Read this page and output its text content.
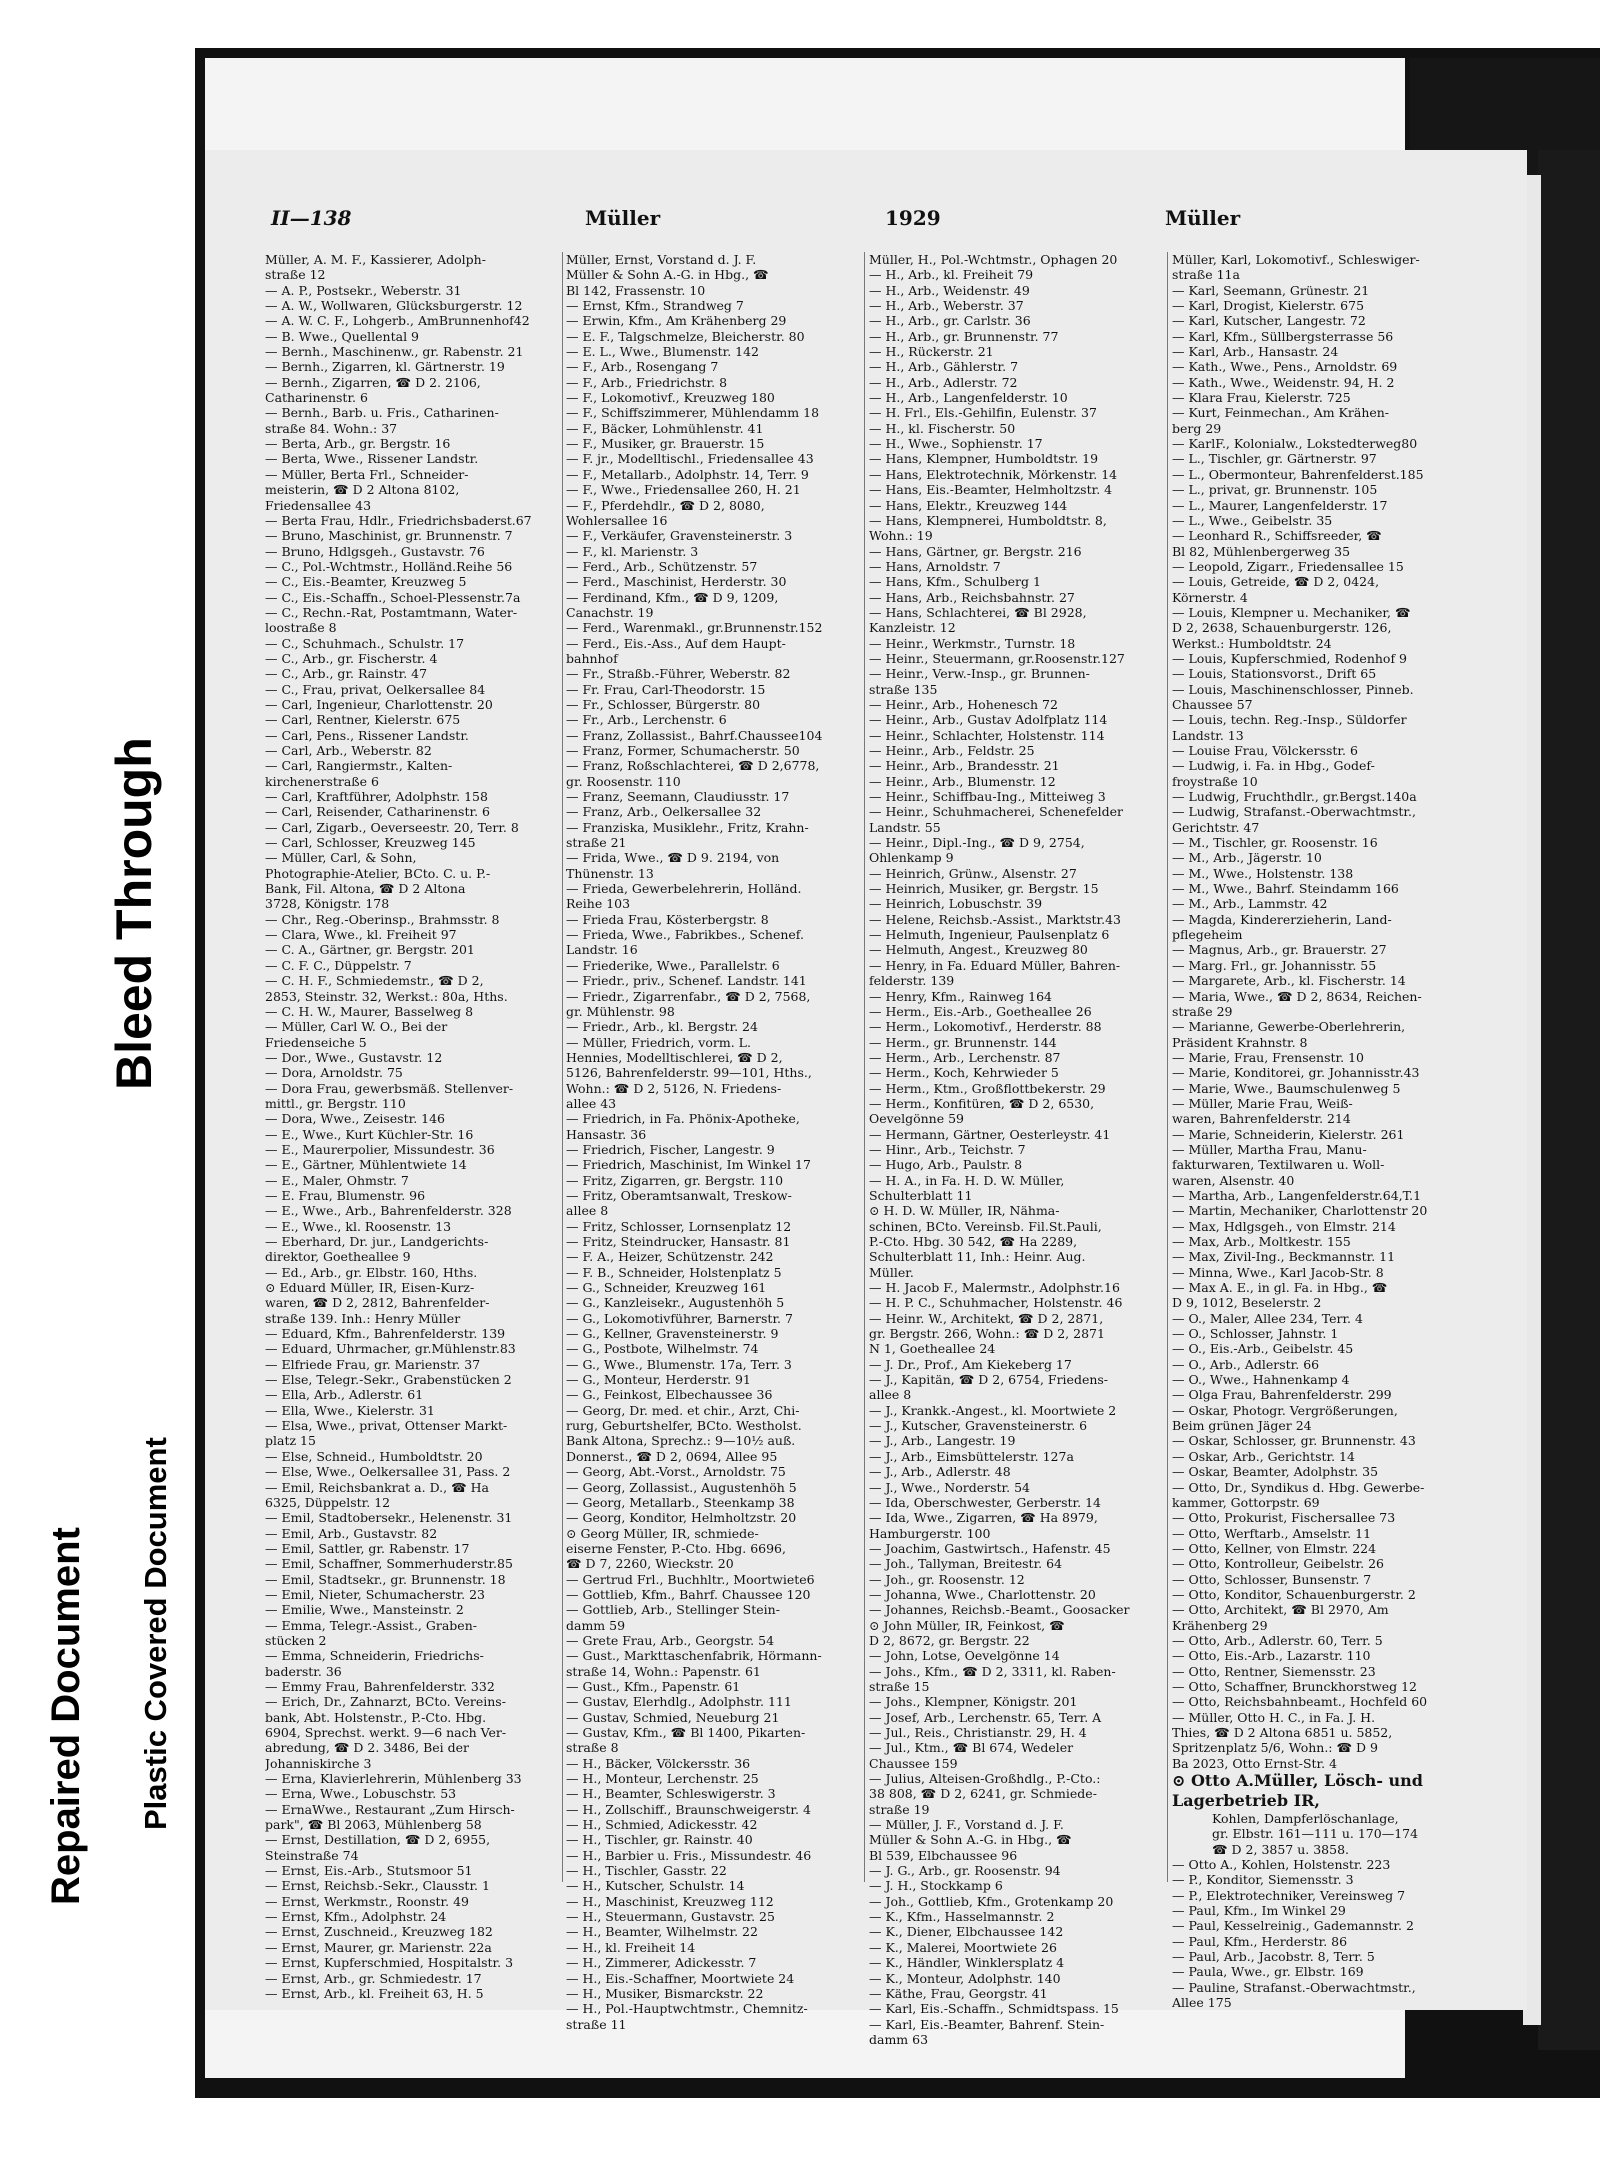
Repaired Document Plastic Covered Document
Bleed Through
II—138	Müller	1929	Müller
Müller, A. M. F., Kassierer, Adolph-
straße 12
— A. P., Postsekr., Weberstr. 31
— A. W., Wollwaren, Glücksburgerstr. 12
— A. W. C. F., Lohgerb., AmBrunnenhof42
— B. Wwe., Quellental 9
— Bernh., Maschinenw., gr. Rabenstr. 21
— Bernh., Zigarren, kl. Gärtnerstr. 19
— Bernh., Zigarren, ☎ D 2. 2106,
Catharinenstr. 6
— Bernh., Barb. u. Fris., Catharinen-
straße 84. Wohn.: 37
— Berta, Arb., gr. Bergstr. 16
— Berta, Wwe., Rissener Landstr.
— Müller, Berta Frl., Schneider-
meisterin, ☎ D 2 Altona 8102,
Friedensallee 43
— Berta Frau, Hdlr., Friedrichsbaderst.67
— Bruno, Maschinist, gr. Brunnenstr. 7
— Bruno, Hdlgsgeh., Gustavstr. 76
— C., Pol.-Wchtmstr., Holländ.Reihe 56
— C., Eis.-Beamter, Kreuzweg 5
— C., Eis.-Schaffn., Schoel-Plessenstr.7a
— C., Rechn.-Rat, Postamtmann, Water-
loostraße 8
— C., Schuhmach., Schulstr. 17
— C., Arb., gr. Fischerstr. 4
— C., Arb., gr. Rainstr. 47
— C., Frau, privat, Oelkersallee 84
— Carl, Ingenieur, Charlottenstr. 20
— Carl, Rentner, Kielerstr. 675
— Carl, Pens., Rissener Landstr.
— Carl, Arb., Weberstr. 82
— Carl, Rangiermstr., Kalten-
kirchenerstraße 6
— Carl, Kraftführer, Adolphstr. 158
— Carl, Reisender, Catharinenstr. 6
— Carl, Zigarb., Oeverseestr. 20, Terr. 8
— Carl, Schlosser, Kreuzweg 145
— Müller, Carl, & Sohn,
Photographie-Atelier, BCto. C. u. P.-
Bank, Fil. Altona, ☎ D 2 Altona
3728, Königstr. 178
— Chr., Reg.-Oberinsp., Brahmsstr. 8
— Clara, Wwe., kl. Freiheit 97
— C. A., Gärtner, gr. Bergstr. 201
— C. F. C., Düppelstr. 7
— C. H. F., Schmiedemstr., ☎ D 2,
2853, Steinstr. 32, Werkst.: 80a, Hths.
— C. H. W., Maurer, Basselweg 8
— Müller, Carl W. O., Bei der
Friedenseiche 5
— Dor., Wwe., Gustavstr. 12
— Dora, Arnoldstr. 75
— Dora Frau, gewerbsmäß. Stellenver-
mittl., gr. Bergstr. 110
— Dora, Wwe., Zeisestr. 146
— E., Wwe., Kurt Küchler-Str. 16
— E., Maurerpolier, Missundestr. 36
— E., Gärtner, Mühlentwiete 14
— E., Maler, Ohmstr. 7
— E. Frau, Blumenstr. 96
— E., Wwe., Arb., Bahrenfelderstr. 328
— E., Wwe., kl. Roosenstr. 13
— Eberhard, Dr. jur., Landgerichts-
direktor, Goetheallee 9
— Ed., Arb., gr. Elbstr. 160, Hths.
⊙ Eduard Müller, IR, Eisen-Kurz-
waren, ☎ D 2, 2812, Bahrenfelder-
straße 139. Inh.: Henry Müller
— Eduard, Kfm., Bahrenfelderstr. 139
— Eduard, Uhrmacher, gr.Mühlenstr.83
— Elfriede Frau, gr. Marienstr. 37
— Else, Telegr.-Sekr., Grabenstücken 2
— Ella, Arb., Adlerstr. 61
— Ella, Wwe., Kielerstr. 31
— Elsa, Wwe., privat, Ottenser Markt-
platz 15
— Else, Schneid., Humboldtstr. 20
— Else, Wwe., Oelkersallee 31, Pass. 2
— Emil, Reichsbankrat a. D., ☎ Ha
6325, Düppelstr. 12
— Emil, Stadtobersekr., Helenenstr. 31
— Emil, Arb., Gustavstr. 82
— Emil, Sattler, gr. Rabenstr. 17
— Emil, Schaffner, Sommerhuderstr.85
— Emil, Stadtsekr., gr. Brunnenstr. 18
— Emil, Nieter, Schumacherstr. 23
— Emilie, Wwe., Mansteinstr. 2
— Emma, Telegr.-Assist., Graben-
stücken 2
— Emma, Schneiderin, Friedrichs-
baderstr. 36
— Emmy Frau, Bahrenfelderstr. 332
— Erich, Dr., Zahnarzt, BCto. Vereins-
bank, Abt. Holstenstr., P.-Cto. Hbg.
6904, Sprechst. werkt. 9—6 nach Ver-
abredung, ☎ D 2. 3486, Bei der
Johanniskirche 3
— Erna, Klavierlehrerin, Mühlenberg 33
— Erna, Wwe., Lobuschstr. 53
— ErnaWwe., Restaurant „Zum Hirsch-
park", ☎ Bl 2063, Mühlenberg 58
— Ernst, Destillation, ☎ D 2, 6955,
Steinstraße 74
— Ernst, Eis.-Arb., Stutsmoor 51
— Ernst, Reichsb.-Sekr., Clausstr. 1
— Ernst, Werkmstr., Roonstr. 49
— Ernst, Kfm., Adolphstr. 24
— Ernst, Zuschneid., Kreuzweg 182
— Ernst, Maurer, gr. Marienstr. 22a
— Ernst, Kupferschmied, Hospitalstr. 3
— Ernst, Arb., gr. Schmiedestr. 17
— Ernst, Arb., kl. Freiheit 63, H. 5
Müller, Ernst, Vorstand d. J. F.
Müller & Sohn A.-G. in Hbg., ☎
Bl 142, Frassenstr. 10
— Ernst, Kfm., Strandweg 7
— Erwin, Kfm., Am Krähenberg 29
— E. F., Talgschmelze, Bleicherstr. 80
— E. L., Wwe., Blumenstr. 142
— F., Arb., Rosengang 7
— F., Arb., Friedrichstr. 8
— F., Lokomotivf., Kreuzweg 180
— F., Schiffszimmerer, Mühlendamm 18
— F., Bäcker, Lohmühlenstr. 41
— F., Musiker, gr. Brauerstr. 15
— F. jr., Modelltischl., Friedensallee 43
— F., Metallarb., Adolphstr. 14, Terr. 9
— F., Wwe., Friedensallee 260, H. 21
— F., Pferdehdlr., ☎ D 2, 8080,
Wohlersallee 16
— F., Verkäufer, Gravensteinerstr. 3
— F., kl. Marienstr. 3
— Ferd., Arb., Schützenstr. 57
— Ferd., Maschinist, Herderstr. 30
— Ferdinand, Kfm., ☎ D 9, 1209,
Canachstr. 19
— Ferd., Warenmakl., gr.Brunnenstr.152
— Ferd., Eis.-Ass., Auf dem Haupt-
bahnhof
— Fr., Straßb.-Führer, Weberstr. 82
— Fr. Frau, Carl-Theodorstr. 15
— Fr., Schlosser, Bürgerstr. 80
— Fr., Arb., Lerchenstr. 6
— Franz, Zollassist., Bahrf.Chaussee104
— Franz, Former, Schumacherstr. 50
— Franz, Roßschlachterei, ☎ D 2,6778,
gr. Roosenstr. 110
— Franz, Seemann, Claudiusstr. 17
— Franz, Arb., Oelkersallee 32
— Franziska, Musiklehr., Fritz, Krahn-
straße 21
— Frida, Wwe., ☎ D 9. 2194, von
Thünenstr. 13
— Frieda, Gewerbelehrerin, Holländ.
Reihe 103
— Frieda Frau, Kösterbergstr. 8
— Frieda, Wwe., Fabrikbes., Schenef.
Landstr. 16
— Friederike, Wwe., Parallelstr. 6
— Friedr., priv., Schenef. Landstr. 141
— Friedr., Zigarrenfabr., ☎ D 2, 7568,
gr. Mühlenstr. 98
— Friedr., Arb., kl. Bergstr. 24
— Müller, Friedrich, vorm. L.
Hennies, Modelltischlerei, ☎ D 2,
5126, Bahrenfelderstr. 99—101, Hths.,
Wohn.: ☎ D 2, 5126, N. Friedens-
allee 43
— Friedrich, in Fa. Phönix-Apotheke,
Hansastr. 36
— Friedrich, Fischer, Langestr. 9
— Friedrich, Maschinist, Im Winkel 17
— Fritz, Zigarren, gr. Bergstr. 110
— Fritz, Oberamtsanwalt, Treskow-
allee 8
— Fritz, Schlosser, Lornsenplatz 12
— Fritz, Steindrucker, Hansastr. 81
— F. A., Heizer, Schützenstr. 242
— F. B., Schneider, Holstenplatz 5
— G., Schneider, Kreuzweg 161
— G., Kanzleisekr., Augustenhöh 5
— G., Lokomotivführer, Barnerstr. 7
— G., Kellner, Gravensteinerstr. 9
— G., Postbote, Wilhelmstr. 74
— G., Wwe., Blumenstr. 17a, Terr. 3
— G., Monteur, Herderstr. 91
— G., Feinkost, Elbechaussee 36
— Georg, Dr. med. et chir., Arzt, Chi-
rurg, Geburtshelfer, BCto. Westholst.
Bank Altona, Sprechz.: 9—10½ auß.
Donnerst., ☎ D 2, 0694, Allee 95
— Georg, Abt.-Vorst., Arnoldstr. 75
— Georg, Zollassist., Augustenhöh 5
— Georg, Metallarb., Steenkamp 38
— Georg, Konditor, Helmholtzstr. 20
⊙ Georg Müller, IR, schmiede-
eiserne Fenster, P.-Cto. Hbg. 6696,
☎ D 7, 2260, Wieckstr. 20
— Gertrud Frl., Buchhltr., Moortwiete6
— Gottlieb, Kfm., Bahrf. Chaussee 120
— Gottlieb, Arb., Stellinger Stein-
damm 59
— Grete Frau, Arb., Georgstr. 54
— Gust., Markttaschenfabrik, Hörmann-
straße 14, Wohn.: Papenstr. 61
— Gust., Kfm., Papenstr. 61
— Gustav, Elerhdlg., Adolphstr. 111
— Gustav, Schmied, Neueburg 21
— Gustav, Kfm., ☎ Bl 1400, Pikarten-
straße 8
— H., Bäcker, Völckersstr. 36
— H., Monteur, Lerchenstr. 25
— H., Beamter, Schleswigerstr. 3
— H., Zollschiff., Braunschweigerstr. 4
— H., Schmied, Adickesstr. 42
— H., Tischler, gr. Rainstr. 40
— H., Barbier u. Fris., Missundestr. 46
— H., Tischler, Gasstr. 22
— H., Kutscher, Schulstr. 14
— H., Maschinist, Kreuzweg 112
— H., Steuermann, Gustavstr. 25
— H., Beamter, Wilhelmstr. 22
— H., kl. Freiheit 14
— H., Zimmerer, Adickesstr. 7
— H., Eis.-Schaffner, Moortwiete 24
— H., Musiker, Bismarckstr. 22
— H., Pol.-Hauptwchtmstr., Chemnitz-
straße 11
Müller, H., Pol.-Wchtmstr., Ophagen 20
— H., Arb., kl. Freiheit 79
— H., Arb., Weidenstr. 49
— H., Arb., Weberstr. 37
— H., Arb., gr. Carlstr. 36
— H., Arb., gr. Brunnenstr. 77
— H., Rückerstr. 21
— H., Arb., Gählerstr. 7
— H., Arb., Adlerstr. 72
— H., Arb., Langenfelderstr. 10
— H. Frl., Els.-Gehilfin, Eulenstr. 37
— H., kl. Fischerstr. 50
— H., Wwe., Sophienstr. 17
— Hans, Klempner, Humboldtstr. 19
— Hans, Elektrotechnik, Mörkenstr. 14
— Hans, Eis.-Beamter, Helmholtzstr. 4
— Hans, Elektr., Kreuzweg 144
— Hans, Klempnerei, Humboldtstr. 8,
Wohn.: 19
— Hans, Gärtner, gr. Bergstr. 216
— Hans, Arnoldstr. 7
— Hans, Kfm., Schulberg 1
— Hans, Arb., Reichsbahnstr. 27
— Hans, Schlachterei, ☎ Bl 2928,
Kanzleistr. 12
— Heinr., Werkmstr., Turnstr. 18
— Heinr., Steuermann, gr.Roosenstr.127
— Heinr., Verw.-Insp., gr. Brunnen-
straße 135
— Heinr., Arb., Hohenesch 72
— Heinr., Arb., Gustav Adolfplatz 114
— Heinr., Schlachter, Holstenstr. 114
— Heinr., Arb., Feldstr. 25
— Heinr., Arb., Brandesstr. 21
— Heinr., Arb., Blumenstr. 12
— Heinr., Schiffbau-Ing., Mitteiweg 3
— Heinr., Schuhmacherei, Schenefelder
Landstr. 55
— Heinr., Dipl.-Ing., ☎ D 9, 2754,
Ohlenkamp 9
— Heinrich, Grünw., Alsenstr. 27
— Heinrich, Musiker, gr. Bergstr. 15
— Heinrich, Lobuschstr. 39
— Helene, Reichsb.-Assist., Marktstr.43
— Helmuth, Ingenieur, Paulsenplatz 6
— Helmuth, Angest., Kreuzweg 80
— Henry, in Fa. Eduard Müller, Bahren-
felderstr. 139
— Henry, Kfm., Rainweg 164
— Herm., Eis.-Arb., Goetheallee 26
— Herm., Lokomotivf., Herderstr. 88
— Herm., gr. Brunnenstr. 144
— Herm., Arb., Lerchenstr. 87
— Herm., Koch, Kehrwieder 5
— Herm., Ktm., Großflottbekerstr. 29
— Herm., Konfitüren, ☎ D 2, 6530,
Oevelgönne 59
— Hermann, Gärtner, Oesterleystr. 41
— Hinr., Arb., Teichstr. 7
— Hugo, Arb., Paulstr. 8
— H. A., in Fa. H. D. W. Müller,
Schulterblatt 11
⊙ H. D. W. Müller, IR, Nähma-
schinen, BCto. Vereinsb. Fil.St.Pauli,
P.-Cto. Hbg. 30 542, ☎ Ha 2289,
Schulterblatt 11, Inh.: Heinr. Aug.
Müller.
— H. Jacob F., Malermstr., Adolphstr.16
— H. P. C., Schuhmacher, Holstenstr. 46
— Heinr. W., Architekt, ☎ D 2, 2871,
gr. Bergstr. 266, Wohn.: ☎ D 2, 2871
N 1, Goetheallee 24
— J. Dr., Prof., Am Kiekeberg 17
— J., Kapitän, ☎ D 2, 6754, Friedens-
allee 8
— J., Krankk.-Angest., kl. Moortwiete 2
— J., Kutscher, Gravensteinerstr. 6
— J., Arb., Langestr. 19
— J., Arb., Eimsbüttelerstr. 127a
— J., Arb., Adlerstr. 48
— J., Wwe., Norderstr. 54
— Ida, Oberschwester, Gerberstr. 14
— Ida, Wwe., Zigarren, ☎ Ha 8979,
Hamburgerstr. 100
— Joachim, Gastwirtsch., Hafenstr. 45
— Joh., Tallyman, Breitestr. 64
— Joh., gr. Roosenstr. 12
— Johanna, Wwe., Charlottenstr. 20
— Johannes, Reichsb.-Beamt., Goosacker
⊙ John Müller, IR, Feinkost, ☎
D 2, 8672, gr. Bergstr. 22
— John, Lotse, Oevelgönne 14
— Johs., Kfm., ☎ D 2, 3311, kl. Raben-
straße 15
— Johs., Klempner, Königstr. 201
— Josef, Arb., Lerchenstr. 65, Terr. A
— Jul., Reis., Christianstr. 29, H. 4
— Jul., Ktm., ☎ Bl 674, Wedeler
Chaussee 159
— Julius, Alteisen-Großhdlg., P.-Cto.:
38 808, ☎ D 2, 6241, gr. Schmiede-
straße 19
— Müller, J. F., Vorstand d. J. F.
Müller & Sohn A.-G. in Hbg., ☎
Bl 539, Elbchaussee 96
— J. G., Arb., gr. Roosenstr. 94
— J. H., Stockkamp 6
— Joh., Gottlieb, Kfm., Grotenkamp 20
— K., Kfm., Hasselmannstr. 2
— K., Diener, Elbchaussee 142
— K., Malerei, Moortwiete 26
— K., Händler, Winklersplatz 4
— K., Monteur, Adolphstr. 140
— Käthe, Frau, Georgstr. 41
— Karl, Eis.-Schaffn., Schmidtspass. 15
— Karl, Eis.-Beamter, Bahrenf. Stein-
damm 63
Müller, Karl, Lokomotivf., Schleswiger-
straße 11a
— Karl, Seemann, Grünestr. 21
— Karl, Drogist, Kielerstr. 675
— Karl, Kutscher, Langestr. 72
— Karl, Kfm., Süllbergsterrasse 56
— Karl, Arb., Hansastr. 24
— Kath., Wwe., Pens., Arnoldstr. 69
— Kath., Wwe., Weidenstr. 94, H. 2
— Klara Frau, Kielerstr. 725
— Kurt, Feinmechan., Am Krähen-
berg 29
— KarlF., Kolonialw., Lokstedterweg80
— L., Tischler, gr. Gärtnerstr. 97
— L., Obermonteur, Bahrenfelderst.185
— L., privat, gr. Brunnenstr. 105
— L., Maurer, Langenfelderstr. 17
— L., Wwe., Geibelstr. 35
— Leonhard R., Schiffsreeder, ☎
Bl 82, Mühlenbergerweg 35
— Leopold, Zigarr., Friedensallee 15
— Louis, Getreide, ☎ D 2, 0424,
Körnerstr. 4
— Louis, Klempner u. Mechaniker, ☎
D 2, 2638, Schauenburgerstr. 126,
Werkst.: Humboldtstr. 24
— Louis, Kupferschmied, Rodenhof 9
— Louis, Stationsvorst., Drift 65
— Louis, Maschinenschlosser, Pinneb.
Chaussee 57
— Louis, techn. Reg.-Insp., Süldorfer
Landstr. 13
— Louise Frau, Völckersstr. 6
— Ludwig, i. Fa. in Hbg., Godef-
froystraße 10
— Ludwig, Fruchthdlr., gr.Bergst.140a
— Ludwig, Strafanst.-Oberwachtmstr.,
Gerichtstr. 47
— M., Tischler, gr. Roosenstr. 16
— M., Arb., Jägerstr. 10
— M., Wwe., Holstenstr. 138
— M., Wwe., Bahrf. Steindamm 166
— M., Arb., Lammstr. 42
— Magda, Kindererzieherin, Land-
pflegeheim
— Magnus, Arb., gr. Brauerstr. 27
— Marg. Frl., gr. Johannisstr. 55
— Margarete, Arb., kl. Fischerstr. 14
— Maria, Wwe., ☎ D 2, 8634, Reichen-
straße 29
— Marianne, Gewerbe-Oberlehrerin,
Präsident Krahnstr. 8
— Marie, Frau, Frensenstr. 10
— Marie, Konditorei, gr. Johannisstr.43
— Marie, Wwe., Baumschulenweg 5
— Müller, Marie Frau, Weiß-
waren, Bahrenfelderstr. 214
— Marie, Schneiderin, Kielerstr. 261
— Müller, Martha Frau, Manu-
fakturwaren, Textilwaren u. Woll-
waren, Alsenstr. 40
— Martha, Arb., Langenfelderstr.64,T.1
— Martin, Mechaniker, Charlottenstr 20
— Max, Hdlgsgeh., von Elmstr. 214
— Max, Arb., Moltkestr. 155
— Max, Zivil-Ing., Beckmannstr. 11
— Minna, Wwe., Karl Jacob-Str. 8
— Max A. E., in gl. Fa. in Hbg., ☎
D 9, 1012, Beselerstr. 2
— O., Maler, Allee 234, Terr. 4
— O., Schlosser, Jahnstr. 1
— O., Eis.-Arb., Geibelstr. 45
— O., Arb., Adlerstr. 66
— O., Wwe., Hahnenkamp 4
— Olga Frau, Bahrenfelderstr. 299
— Oskar, Photogr. Vergrößerungen,
Beim grünen Jäger 24
— Oskar, Schlosser, gr. Brunnenstr. 43
— Oskar, Arb., Gerichtstr. 14
— Oskar, Beamter, Adolphstr. 35
— Otto, Dr., Syndikus d. Hbg. Gewerbe-
kammer, Gottorpstr. 69
— Otto, Prokurist, Fischersallee 73
— Otto, Werftarb., Amselstr. 11
— Otto, Kellner, von Elmstr. 224
— Otto, Kontrolleur, Geibelstr. 26
— Otto, Schlosser, Bunsenstr. 7
— Otto, Konditor, Schauenburgerstr. 2
— Otto, Architekt, ☎ Bl 2970, Am
Krähenberg 29
— Otto, Arb., Adlerstr. 60, Terr. 5
— Otto, Eis.-Arb., Lazarstr. 110
— Otto, Rentner, Siemensstr. 23
— Otto, Schaffner, Brunckhorstweg 12
— Otto, Reichsbahnbeamt., Hochfeld 60
— Müller, Otto H. C., in Fa. J. H.
Thies, ☎ D 2 Altona 6851 u. 5852,
Spritzenplatz 5/6, Wohn.: ☎ D 9
Ba 2023, Otto Ernst-Str. 4
⊙ Otto A.Müller, Lösch- und
Lagerbetrieb IR,
Kohlen, Dampferlöschanlage,
gr. Elbstr. 161—111 u. 170—174
☎ D 2, 3857 u. 3858.
— Otto A., Kohlen, Holstenstr. 223
— P., Konditor, Siemensstr. 3
— P., Elektrotechniker, Vereinsweg 7
— Paul, Kfm., Im Winkel 29
— Paul, Kesselreinig., Gademannstr. 2
— Paul, Kfm., Herderstr. 86
— Paul, Arb., Jacobstr. 8, Terr. 5
— Paula, Wwe., gr. Elbstr. 169
— Pauline, Strafanst.-Oberwachtmstr.,
Allee 175
